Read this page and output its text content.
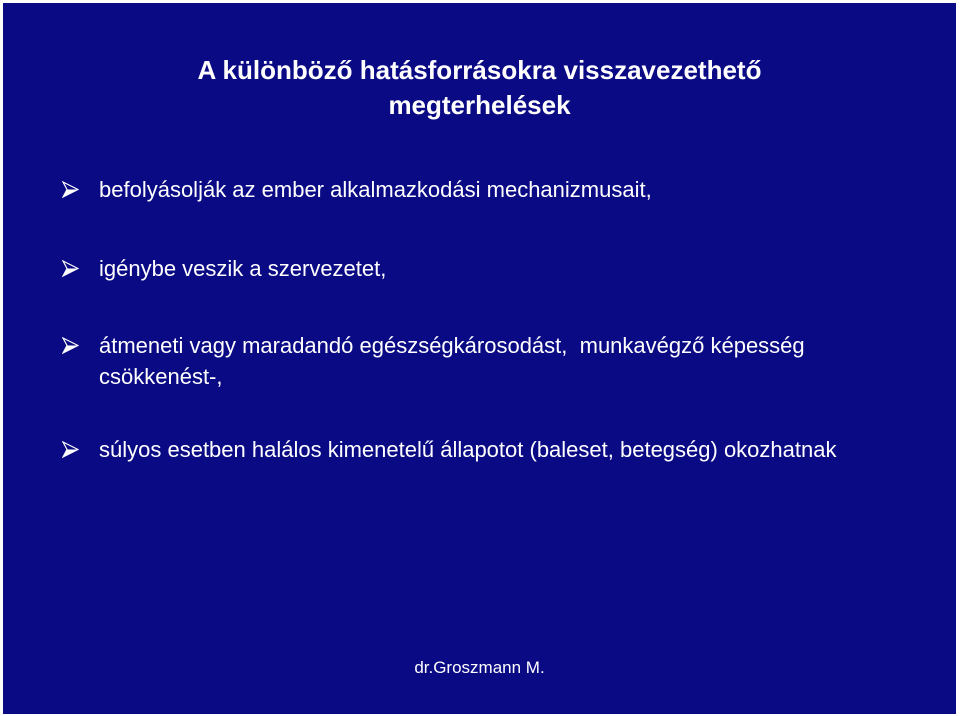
A különböző hatásforrásokra visszavezethető
megterhelések
befolyásolják az ember alkalmazkodási mechanizmusait,
igénybe veszik a szervezetet,
átmeneti vagy maradandó egészségkárosodást,  munkavégző képesség csökkenést-,
súlyos esetben halálos kimenetelű állapotot (baleset, betegség) okozhatnak
dr.Groszmann M.
